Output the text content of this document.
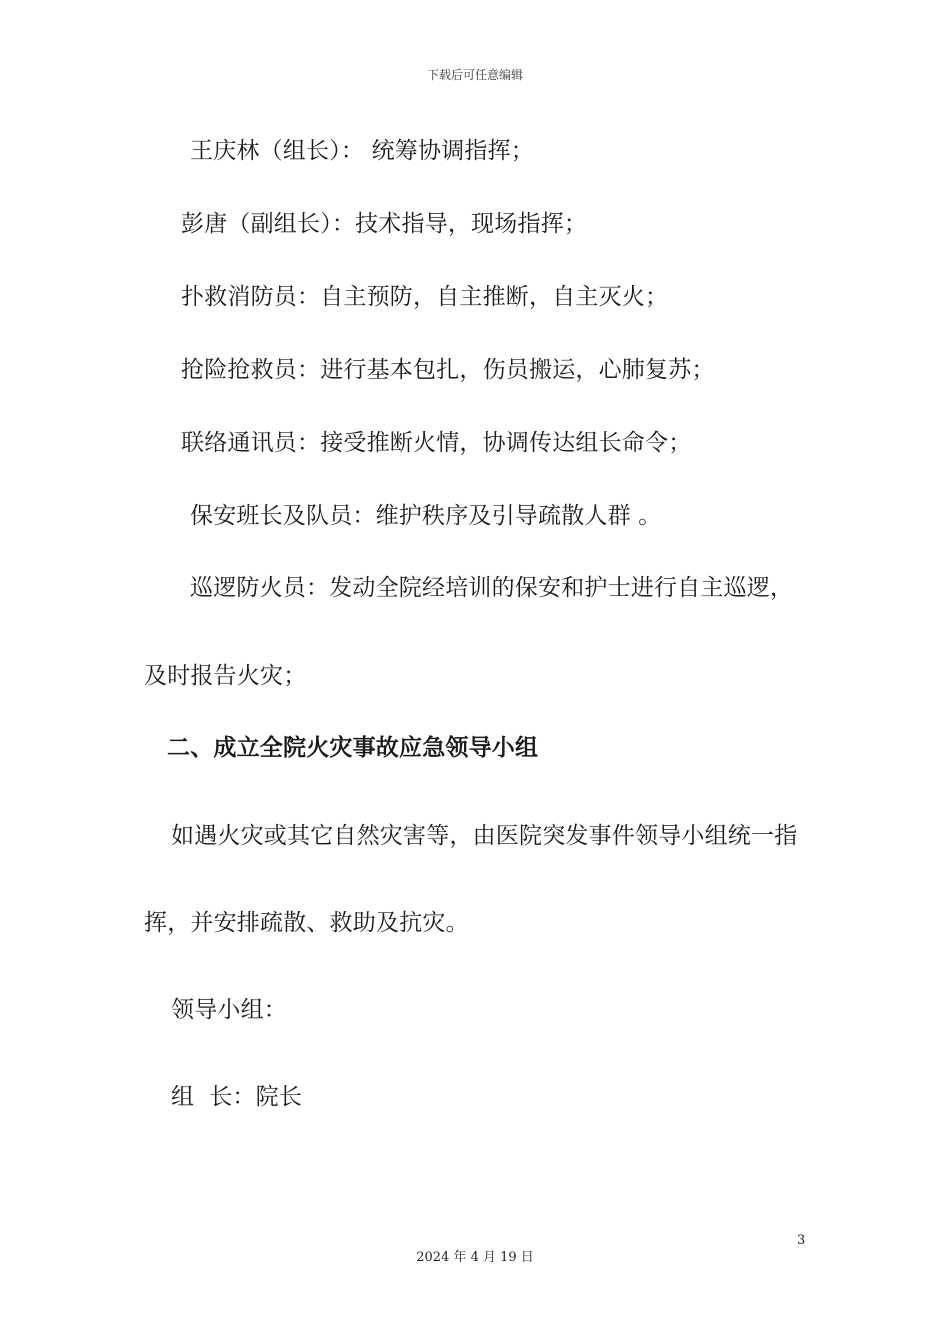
下载后可任意编辑
王庆林（组长）： 统筹协调指挥；
彭唐（副组长）：技术指导，现场指挥；
扑救消防员：自主预防，自主推断，自主灭火；
抢险抢救员：进行基本包扎，伤员搬运，心肺复苏；
联络通讯员：接受推断火情，协调传达组长命令；
保安班长及队员：维护秩序及引导疏散人群 。
巡逻防火员：发动全院经培训的保安和护士进行自主巡逻，
及时报告火灾；
二、成立全院火灾事故应急领导小组
如遇火灾或其它自然灾害等，由医院突发事件领导小组统一指
挥，并安排疏散、救助及抗灾。
领导小组：
组  长：院长
3
2024 年 4 月 19 日
